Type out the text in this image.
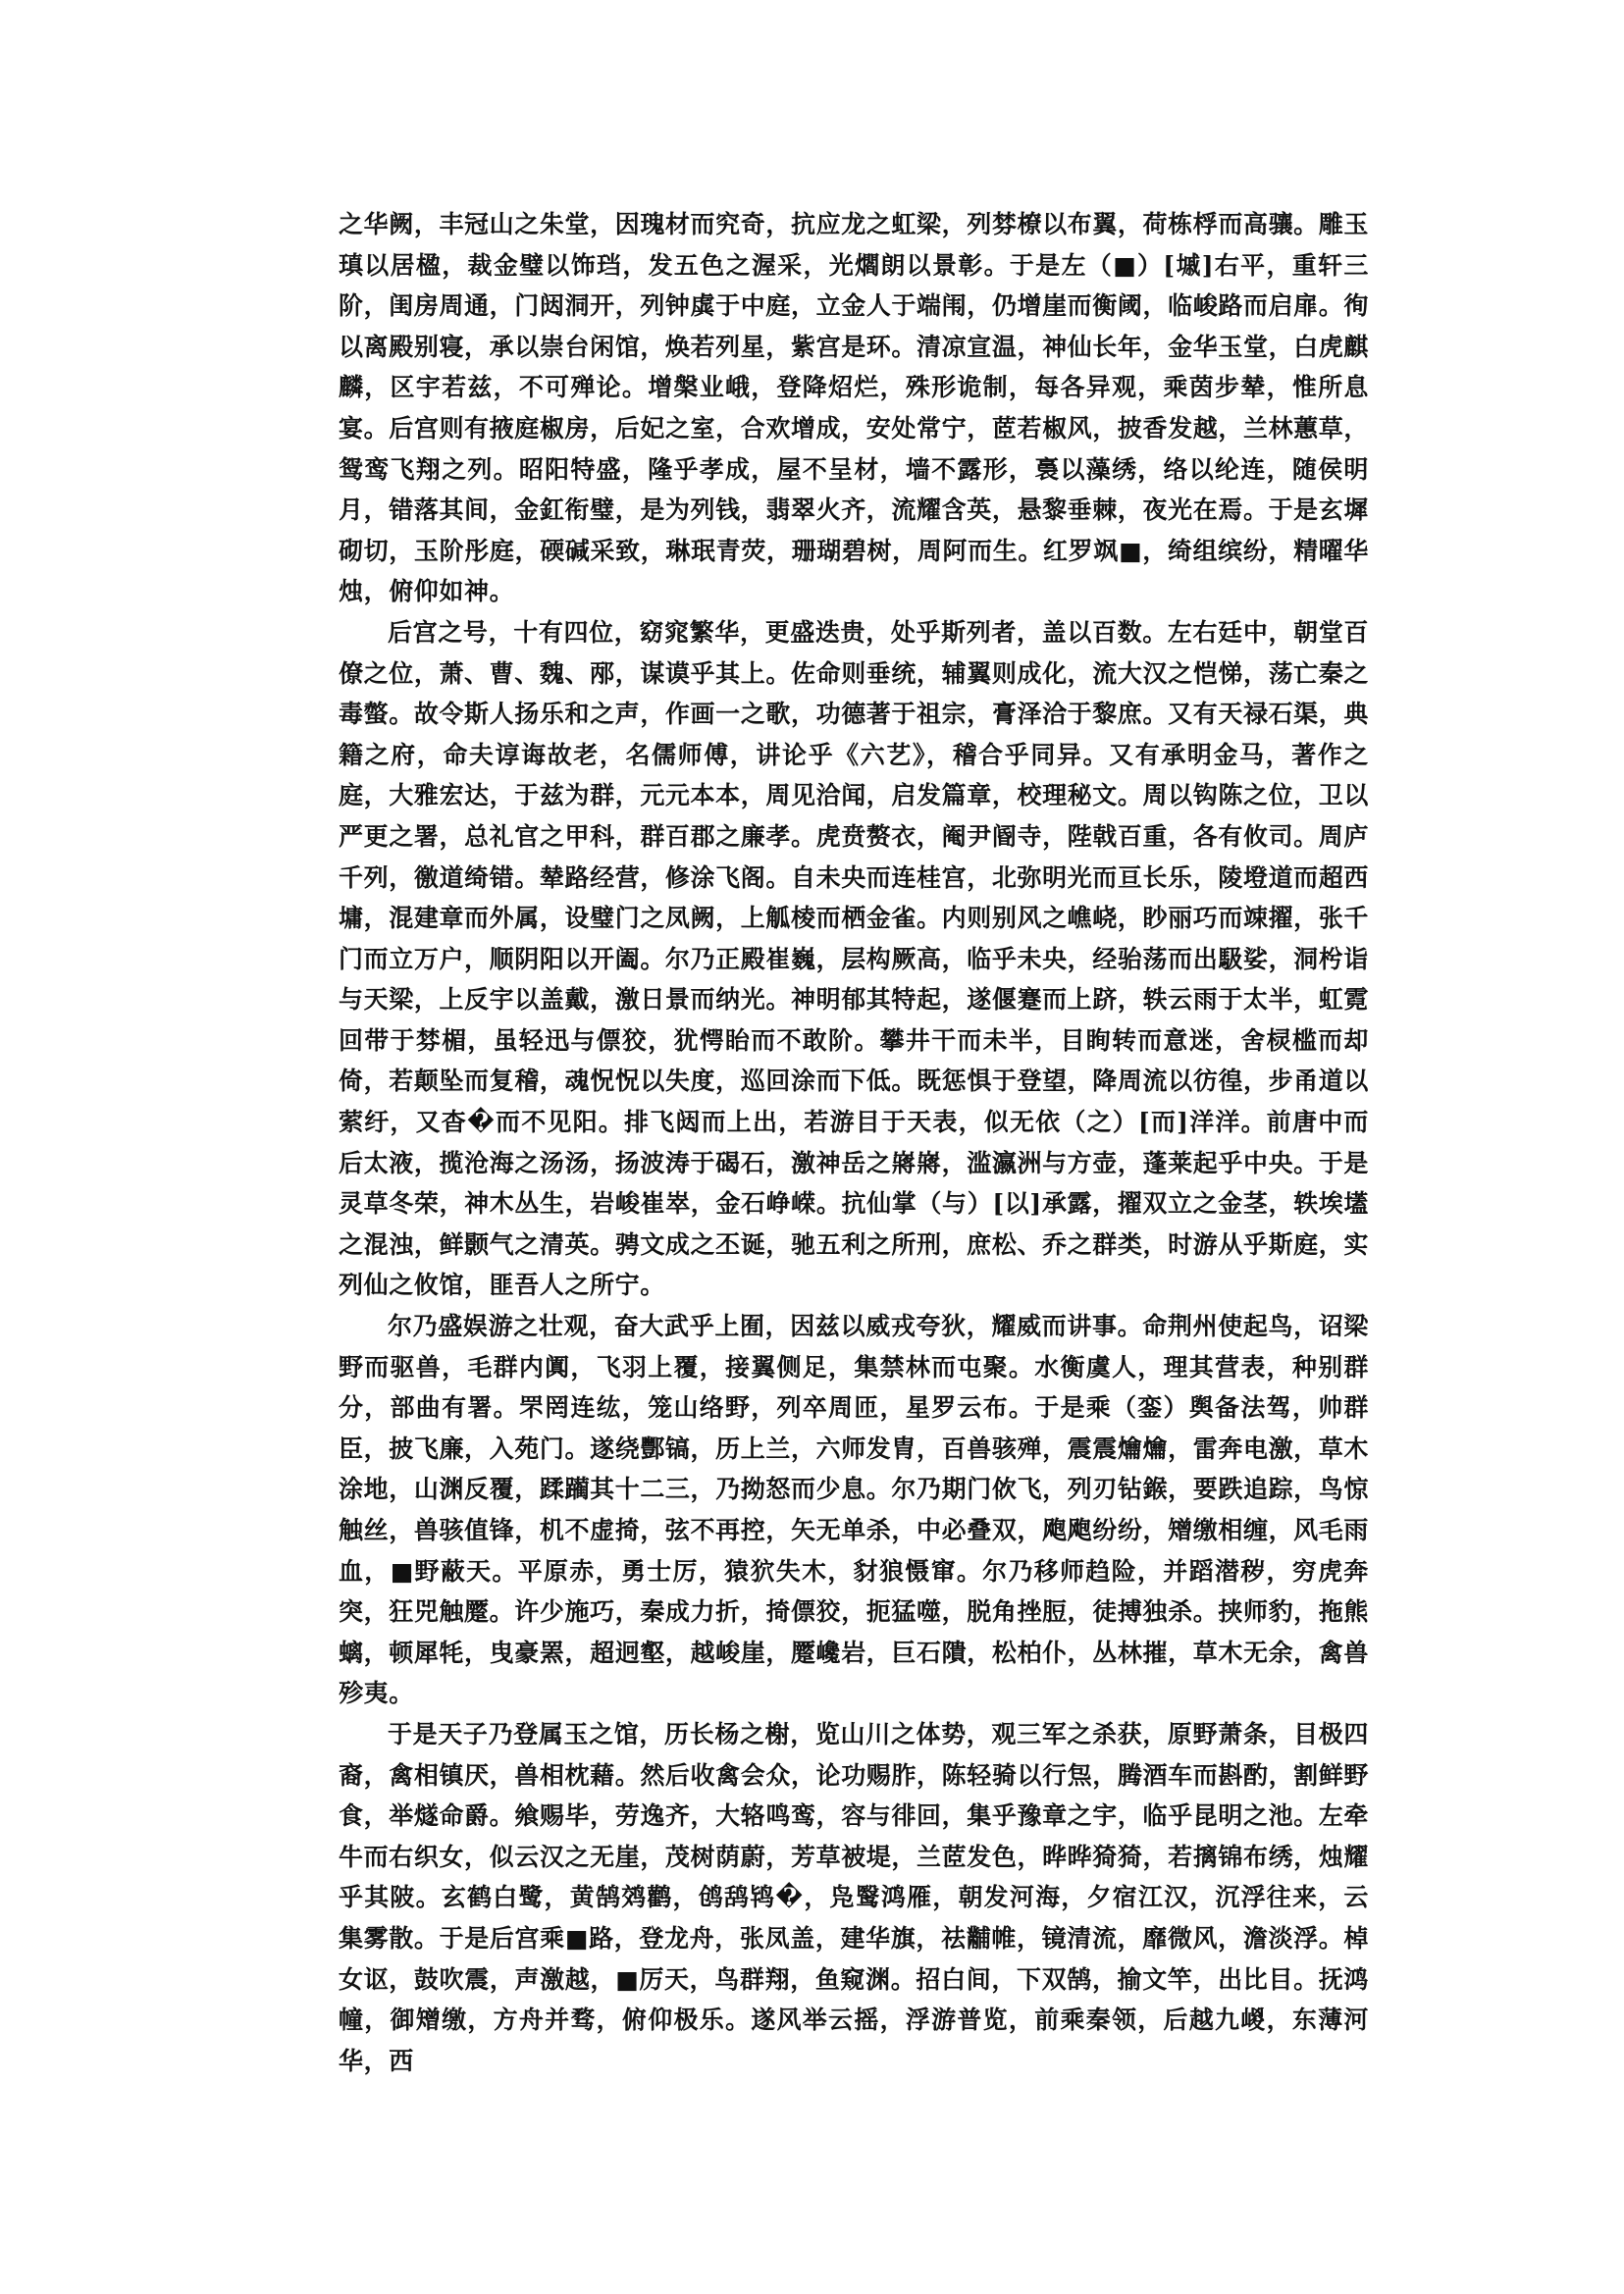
之华阙，丰冠山之朱堂，因瑰材而究奇，抗应龙之虹梁，列棼橑以布翼，荷栋桴而高骧。雕玉瑱以居楹，裁金璧以饰珰，发五色之渥采，光爓朗以景彰。于是左（■）[墄]右平，重轩三阶，闺房周通，门闼洞开，列钟虡于中庭，立金人于端闱，仍增崖而衡阈，临峻路而启扉。徇以离殿别寝，承以崇台闲馆，焕若列星，紫宫是环。清凉宣温，神仙长年，金华玉堂，白虎麒麟，区宇若兹，不可殚论。增槃业峨，登降炤烂，殊形诡制，每各异观，乘茵步辇，惟所息宴。后宫则有掖庭椒房，后妃之室，合欢增成，安处常宁，茝若椒风，披香发越，兰林蕙草，鸳鸾飞翔之列。昭阳特盛，隆乎孝成，屋不呈材，墙不露形，裛以藻绣，络以纶连，随侯明月，错落其间，金釭衔璧，是为列钱，翡翠火齐，流耀含英，悬黎垂棘，夜光在焉。于是玄墀砌切，玉阶彤庭，碝碱采致，琳珉青荧，珊瑚碧树，周阿而生。红罗飒■，绮组缤纷，精曜华烛，俯仰如神。

后宫之号，十有四位，窈窕繁华，更盛迭贵，处乎斯列者，盖以百数。左右廷中，朝堂百僚之位，萧、曹、魏、邴，谋谟乎其上。佐命则垂统，辅翼则成化，流大汉之恺悌，荡亡秦之毒螫。故令斯人扬乐和之声，作画一之歌，功德著于祖宗，膏泽洽于黎庶。又有天禄石渠，典籍之府，命夫谆诲故老，名儒师傅，讲论乎《六艺》，稽合乎同异。又有承明金马，著作之庭，大雅宏达，于兹为群，元元本本，周见洽闻，启发篇章，校理秘文。周以钩陈之位，卫以严更之署，总礼官之甲科，群百郡之廉孝。虎贲赘衣，阉尹阍寺，陛戟百重，各有攸司。周庐千列，徼道绮错。辇路经营，修涂飞阁。自未央而连桂宫，北弥明光而亘长乐，陵墱道而超西墉，混建章而外属，设璧门之凤阙，上觚棱而栖金雀。内则别风之嶕峣，眇丽巧而竦擢，张千门而立万户，顺阴阳以开阖。尔乃正殿崔巍，层构厥高，临乎未央，经骀荡而出馺娑，洞枍诣与天梁，上反宇以盖戴，激日景而纳光。神明郁其特起，遂偃蹇而上跻，轶云雨于太半，虹霓回带于棼楣，虽轻迅与僄狡，犹愕眙而不敢阶。攀井干而未半，目眴转而意迷，舍棂槛而却倚，若颠坠而复稽，魂怳怳以失度，巡回涂而下低。既惩惧于登望，降周流以彷徨，步甬道以萦纡，又杳�而不见阳。排飞闼而上出，若游目于天表，似无依（之）[而]洋洋。前唐中而后太液，揽沧海之汤汤，扬波涛于碣石，激神岳之嶈嶈，滥瀛洲与方壶，蓬莱起乎中央。于是灵草冬荣，神木丛生，岩峻崔崒，金石峥嵘。抗仙掌（与）[以]承露，擢双立之金茎，轶埃壒之混浊，鲜颢气之清英。骋文成之丕诞，驰五利之所刑，庶松、乔之群类，时游从乎斯庭，实列仙之攸馆，匪吾人之所宁。

尔乃盛娱游之壮观，奋大武乎上囿，因兹以威戎夸狄，耀威而讲事。命荆州使起鸟，诏梁野而驱兽，毛群内阗，飞羽上覆，接翼侧足，集禁林而屯聚。水衡虞人，理其营表，种别群分，部曲有署。罘罔连纮，笼山络野，列卒周匝，星罗云布。于是乘（銮）舆备法驾，帅群臣，披飞廉，入苑门。遂绕酆镐，历上兰，六师发胄，百兽骇殚，震震爚爚，雷奔电激，草木涂地，山渊反覆，蹂躏其十二三，乃拗怒而少息。尔乃期门佽飞，列刃钻鍭，要跌追踪，鸟惊触丝，兽骇值锋，机不虚掎，弦不再控，矢无单杀，中必叠双，飑飑纷纷，矰缴相缠，风毛雨血，■野蔽天。平原赤，勇士厉，猿狖失木，豺狼慑窜。尔乃移师趋险，并蹈潜秽，穷虎奔突，狂兕触蹷。许少施巧，秦成力折，掎僄狡，扼猛噬，脱角挫脰，徒搏独杀。挟师豹，拖熊螭，顿犀牦，曳豪罴，超迥壑，越峻崖，蹷巉岩，巨石隤，松柏仆，丛林摧，草木无余，禽兽殄夷。

于是天子乃登属玉之馆，历长杨之榭，览山川之体势，观三军之杀获，原野萧条，目极四裔，禽相镇厌，兽相枕藉。然后收禽会众，论功赐胙，陈轻骑以行炰，腾酒车而斟酌，割鲜野食，举燧命爵。飨赐毕，劳逸齐，大辂鸣鸾，容与徘回，集乎豫章之宇，临乎昆明之池。左牵牛而右织女，似云汉之无崖，茂树荫蔚，芳草被堤，兰茝发色，晔晔猗猗，若摛锦布绣，烛耀乎其陂。玄鹤白鹭，黄鹄䴔鹳，鸧鸹鸨�，凫鹥鸿雁，朝发河海，夕宿江汉，沉浮往来，云集雾散。于是后宫乘■路，登龙舟，张凤盖，建华旗，祛黼帷，镜清流，靡微风，澹淡浮。棹女讴，鼓吹震，声激越，■厉天，鸟群翔，鱼窥渊。招白间，下双鹄，揄文竿，出比目。抚鸿幢，御矰缴，方舟并骛，俯仰极乐。遂风举云摇，浮游普览，前乘秦领，后越九嵕，东薄河华，西
